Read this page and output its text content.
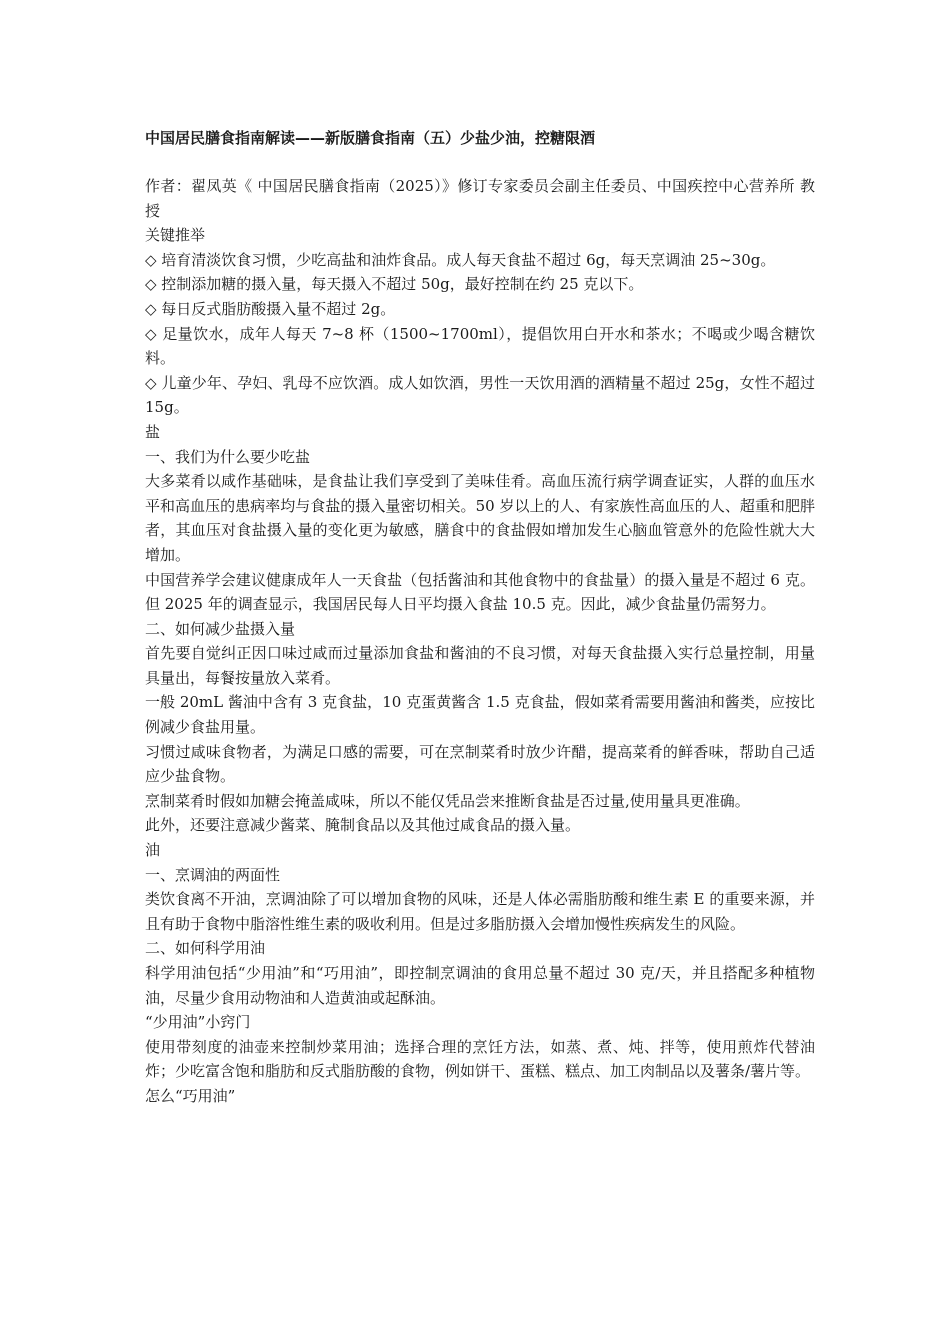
中国居民膳食指南解读——新版膳食指南（五）少盐少油，控糖限酒

作者：翟凤英《 中国居民膳食指南（2025）》修订专家委员会副主任委员、中国疾控中心营养所 教授

关键推举

◇ 培育清淡饮食习惯，少吃高盐和油炸食品。成人每天食盐不超过 6g，每天烹调油 25~30g。

◇ 控制添加糖的摄入量，每天摄入不超过 50g，最好控制在约 25 克以下。

◇ 每日反式脂肪酸摄入量不超过 2g。

◇ 足量饮水，成年人每天 7~8 杯（1500~1700ml），提倡饮用白开水和茶水；不喝或少喝含糖饮料。

◇ 儿童少年、孕妇、乳母不应饮酒。成人如饮酒，男性一天饮用酒的酒精量不超过 25g，女性不超过 15g。

盐

一、我们为什么要少吃盐

大多菜肴以咸作基础味，是食盐让我们享受到了美味佳肴。高血压流行病学调查证实，人群的血压水平和高血压的患病率均与食盐的摄入量密切相关。50 岁以上的人、有家族性高血压的人、超重和肥胖者，其血压对食盐摄入量的变化更为敏感，膳食中的食盐假如增加发生心脑血管意外的危险性就大大增加。

中国营养学会建议健康成年人一天食盐（包括酱油和其他食物中的食盐量）的摄入量是不超过 6 克。但 2025 年的调查显示，我国居民每人日平均摄入食盐 10.5 克。因此，减少食盐量仍需努力。

二、如何减少盐摄入量

首先要自觉纠正因口味过咸而过量添加食盐和酱油的不良习惯，对每天食盐摄入实行总量控制，用量具量出，每餐按量放入菜肴。

一般 20mL 酱油中含有 3 克食盐，10 克蛋黄酱含 1.5 克食盐，假如菜肴需要用酱油和酱类，应按比例减少食盐用量。

习惯过咸味食物者，为满足口感的需要，可在烹制菜肴时放少许醋，提高菜肴的鲜香味，帮助自己适应少盐食物。

烹制菜肴时假如加糖会掩盖咸味，所以不能仅凭品尝来推断食盐是否过量,使用量具更准确。

此外，还要注意减少酱菜、腌制食品以及其他过咸食品的摄入量。

油

一、烹调油的两面性

类饮食离不开油，烹调油除了可以增加食物的风味，还是人体必需脂肪酸和维生素 E 的重要来源，并且有助于食物中脂溶性维生素的吸收利用。但是过多脂肪摄入会增加慢性疾病发生的风险。

二、如何科学用油

科学用油包括“少用油”和“巧用油”，即控制烹调油的食用总量不超过 30 克/天，并且搭配多种植物油，尽量少食用动物油和人造黄油或起酥油。

“少用油”小窍门

使用带刻度的油壶来控制炒菜用油；选择合理的烹饪方法，如蒸、煮、炖、拌等，使用煎炸代替油炸；少吃富含饱和脂肪和反式脂肪酸的食物，例如饼干、蛋糕、糕点、加工肉制品以及薯条/薯片等。

怎么“巧用油”
